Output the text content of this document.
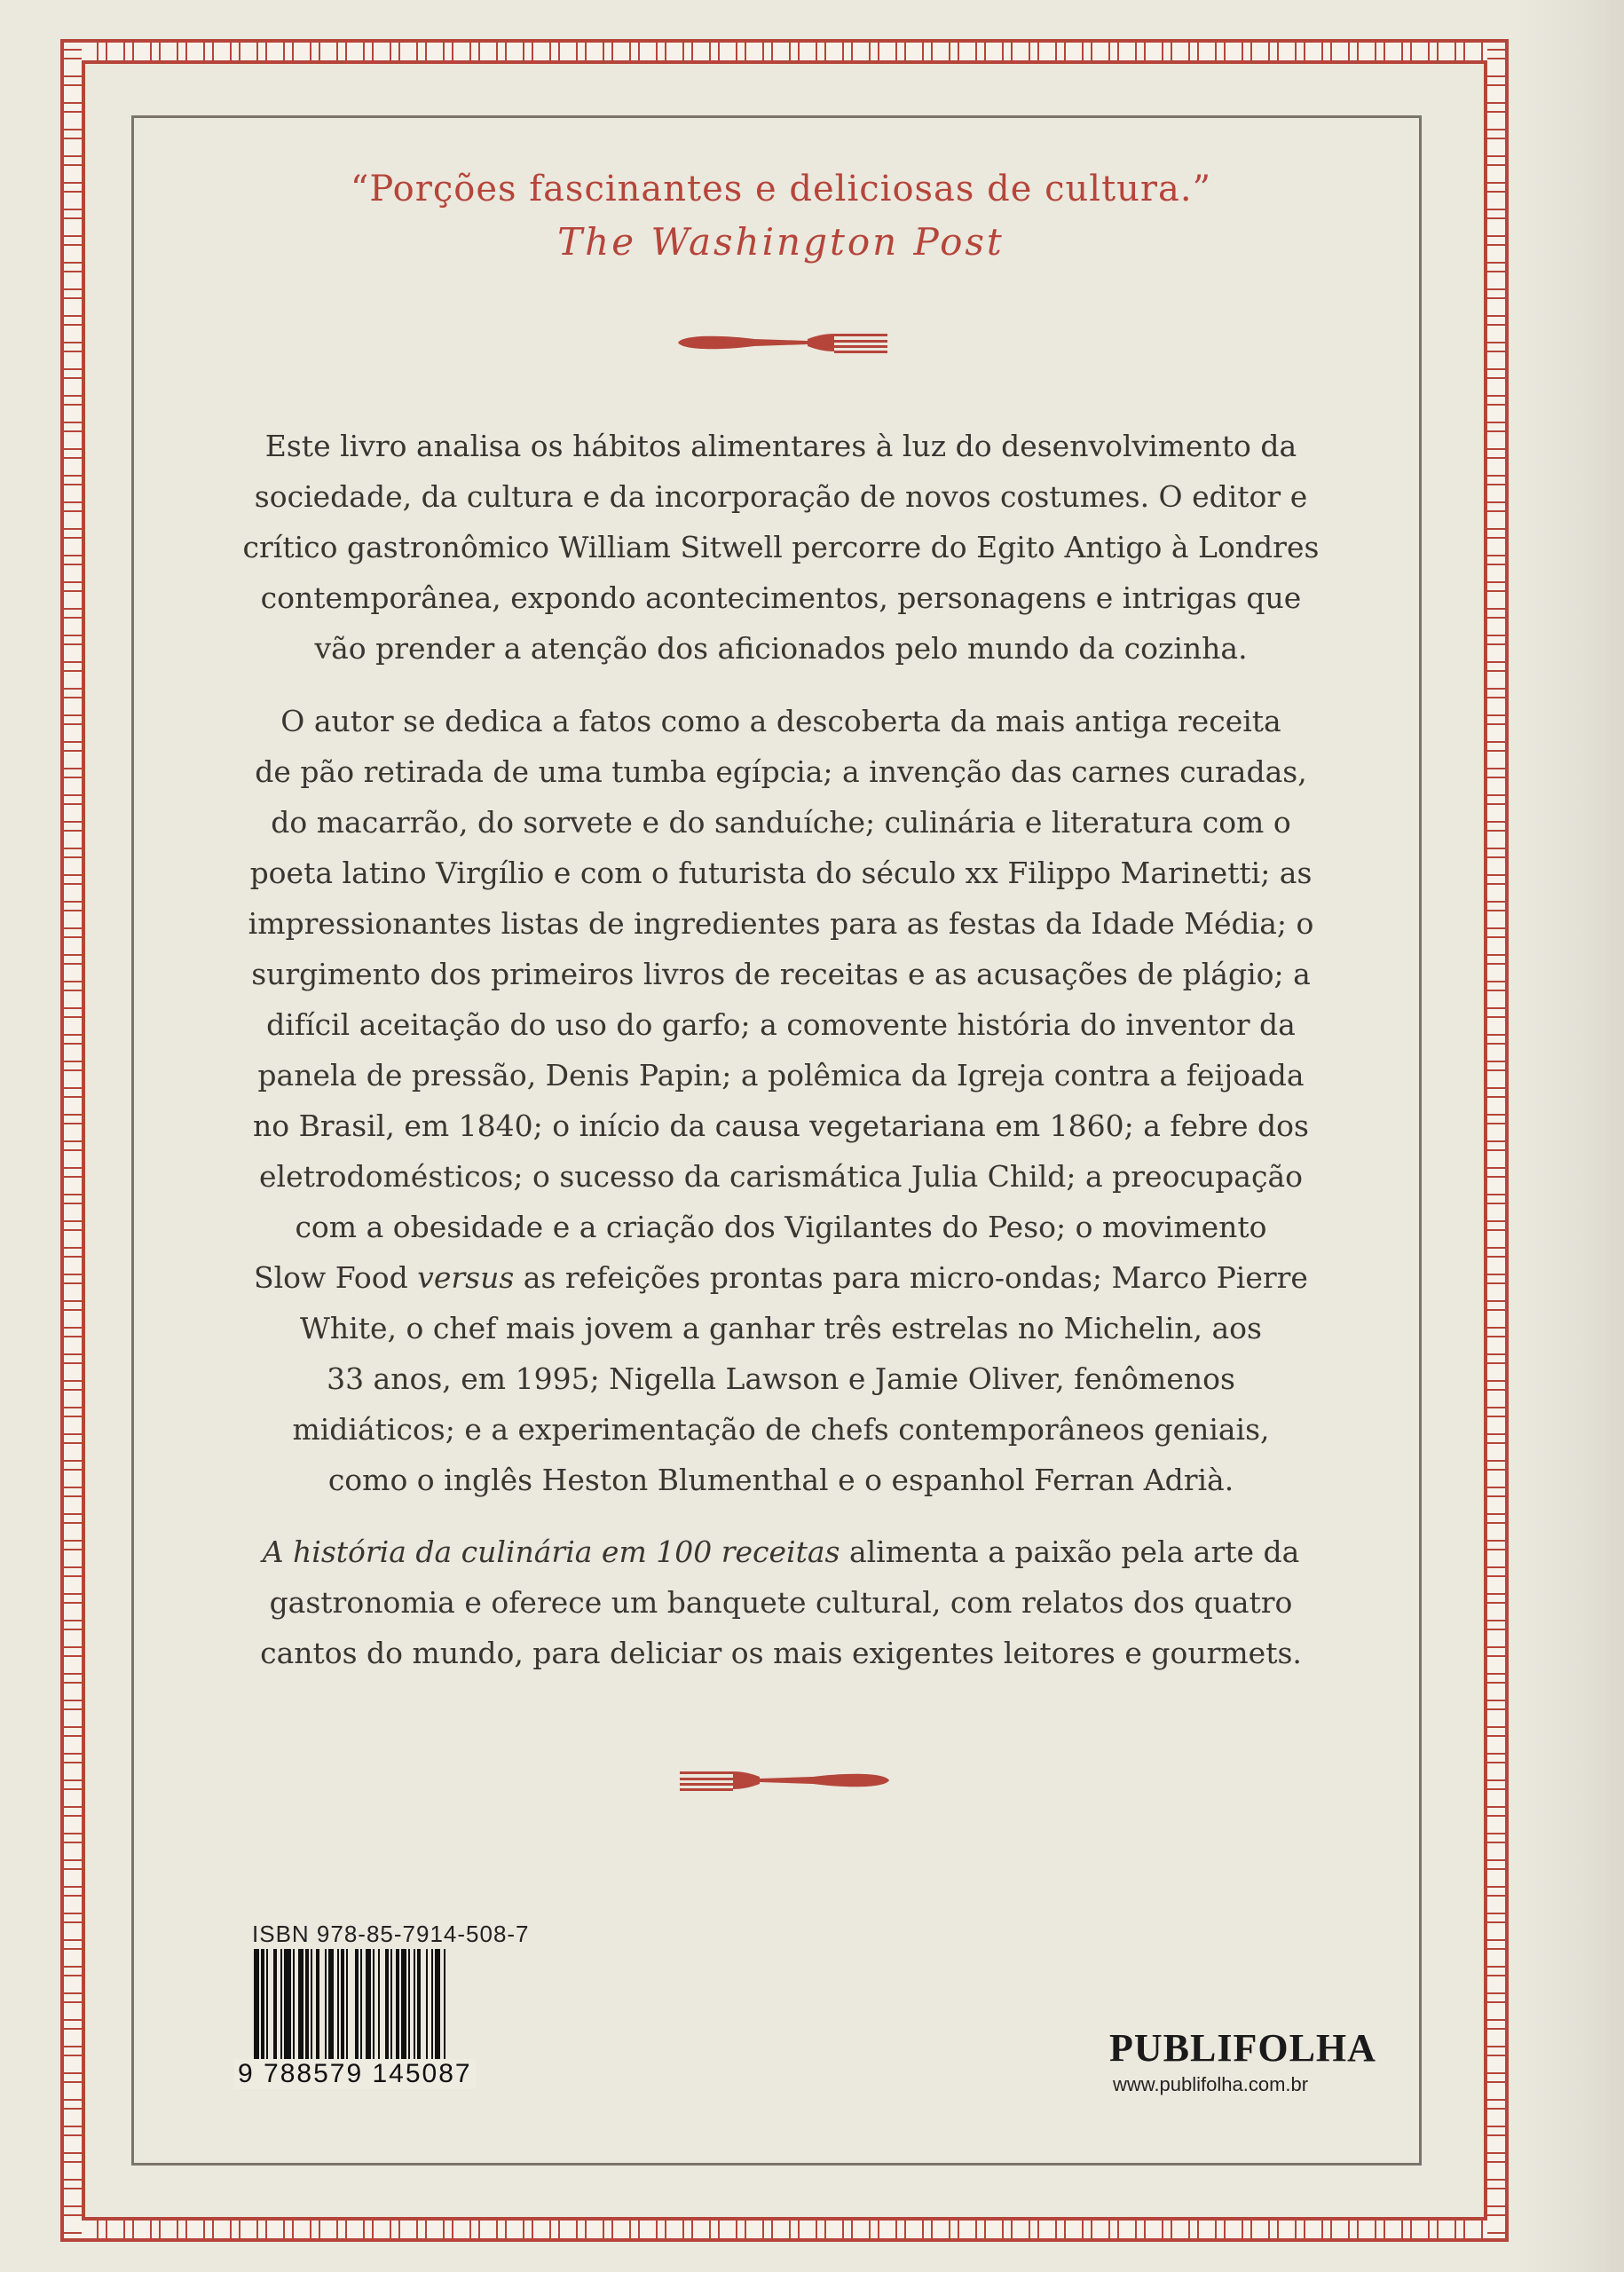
“Porções fascinantes e deliciosas de cultura.”
The Washington Post
Este livro analisa os hábitos alimentares à luz do desenvolvimento da
sociedade, da cultura e da incorporação de novos costumes. O editor e
crítico gastronômico William Sitwell percorre do Egito Antigo à Londres
contemporânea, expondo acontecimentos, personagens e intrigas que
vão prender a atenção dos aficionados pelo mundo da cozinha.
O autor se dedica a fatos como a descoberta da mais antiga receita
de pão retirada de uma tumba egípcia; a invenção das carnes curadas,
do macarrão, do sorvete e do sanduíche; culinária e literatura com o
poeta latino Virgílio e com o futurista do século xx Filippo Marinetti; as
impressionantes listas de ingredientes para as festas da Idade Média; o
surgimento dos primeiros livros de receitas e as acusações de plágio; a
difícil aceitação do uso do garfo; a comovente história do inventor da
panela de pressão, Denis Papin; a polêmica da Igreja contra a feijoada
no Brasil, em 1840; o início da causa vegetariana em 1860; a febre dos
eletrodomésticos; o sucesso da carismática Julia Child; a preocupação
com a obesidade e a criação dos Vigilantes do Peso; o movimento
Slow Food versus as refeições prontas para micro-ondas; Marco Pierre
White, o chef mais jovem a ganhar três estrelas no Michelin, aos
33 anos, em 1995; Nigella Lawson e Jamie Oliver, fenômenos
midiáticos; e a experimentação de chefs contemporâneos geniais,
como o inglês Heston Blumenthal e o espanhol Ferran Adrià.
A história da culinária em 100 receitas alimenta a paixão pela arte da
gastronomia e oferece um banquete cultural, com relatos dos quatro
cantos do mundo, para deliciar os mais exigentes leitores e gourmets.
ISBN 978-85-7914-508-7
9 788579 145087
PUBLIFOLHA
www.publifolha.com.br
